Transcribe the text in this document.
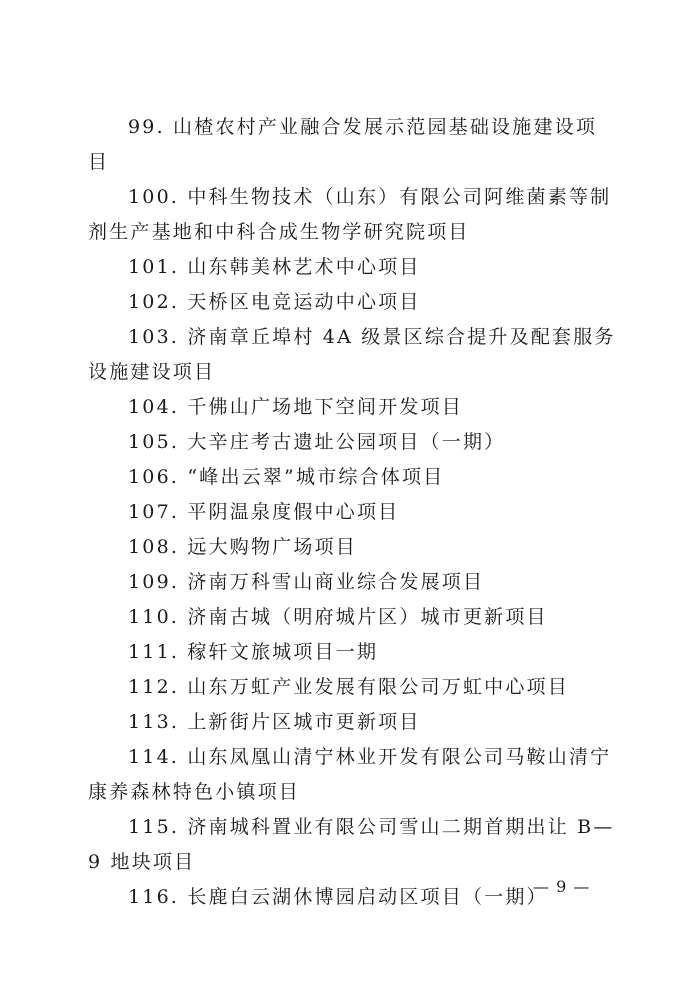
99. 山楂农村产业融合发展示范园基础设施建设项目

100. 中科生物技术（山东）有限公司阿维菌素等制剂生产基地和中科合成生物学研究院项目

101. 山东韩美林艺术中心项目

102. 天桥区电竞运动中心项目

103. 济南章丘埠村 4A 级景区综合提升及配套服务设施建设项目

104. 千佛山广场地下空间开发项目

105. 大辛庄考古遗址公园项目（一期）

106. “峰出云翠”城市综合体项目

107. 平阴温泉度假中心项目

108. 远大购物广场项目

109. 济南万科雪山商业综合发展项目

110. 济南古城（明府城片区）城市更新项目

111. 稼轩文旅城项目一期

112. 山东万虹产业发展有限公司万虹中心项目

113. 上新街片区城市更新项目

114. 山东凤凰山清宁林业开发有限公司马鞍山清宁康养森林特色小镇项目

115. 济南城科置业有限公司雪山二期首期出让 B—9 地块项目

116. 长鹿白云湖休博园启动区项目（一期）

— 9 —
